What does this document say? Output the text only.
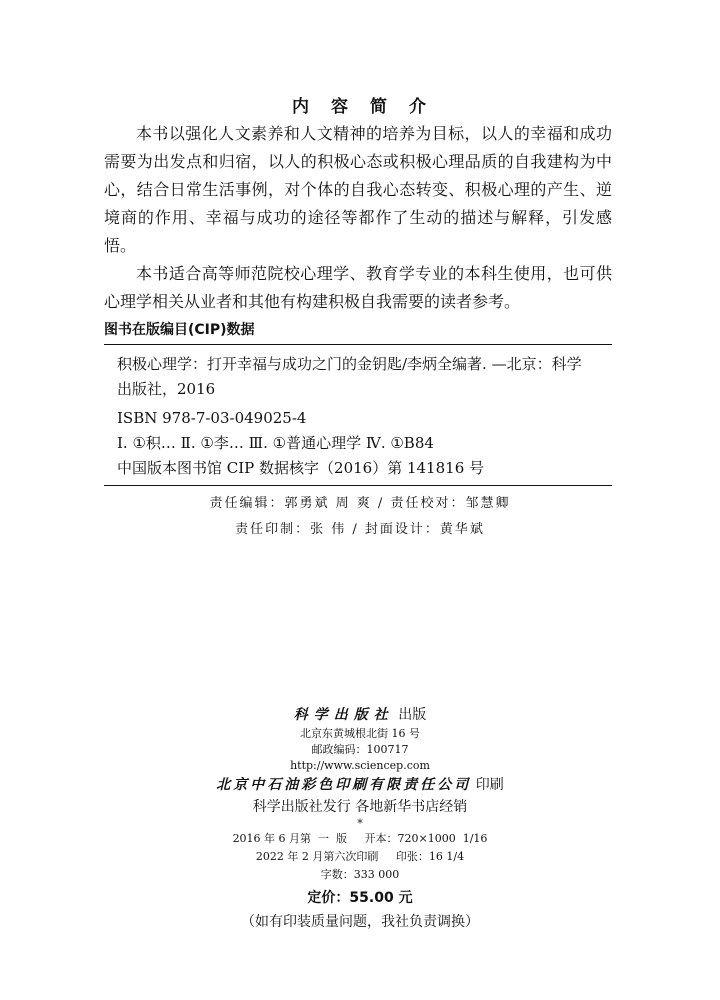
内容简介

本书以强化人文素养和人文精神的培养为目标，以人的幸福和成功需要为出发点和归宿，以人的积极心态或积极心理品质的自我建构为中心，结合日常生活事例，对个体的自我心态转变、积极心理的产生、逆境商的作用、幸福与成功的途径等都作了生动的描述与解释，引发感悟。

本书适合高等师范院校心理学、教育学专业的本科生使用，也可供心理学相关从业者和其他有构建积极自我需要的读者参考。

图书在版编目(CIP)数据
积极心理学：打开幸福与成功之门的金钥匙/李炳全编著. —北京：科学
出版社，2016
ISBN 978-7-03-049025-4
Ⅰ. ①积… Ⅱ. ①李… Ⅲ. ①普通心理学 Ⅳ. ①B84
中国版本图书馆 CIP 数据核字（2016）第 141816 号
责任编辑：郭勇斌 周 爽 / 责任校对：邹慧卿
责任印制：张 伟 / 封面设计：黄华斌
科学出版社 出版
北京东黄城根北街 16 号
邮政编码：100717
http://www.sciencep.com
北京中石油彩色印刷有限责任公司 印刷
科学出版社发行 各地新华书店经销
*
2016 年 6 月第  一  版     开本：720×1000  1/16
2022 年 2 月第六次印刷     印张：16 1/4
字数：333 000
定价：55.00 元
（如有印装质量问题，我社负责调换）
